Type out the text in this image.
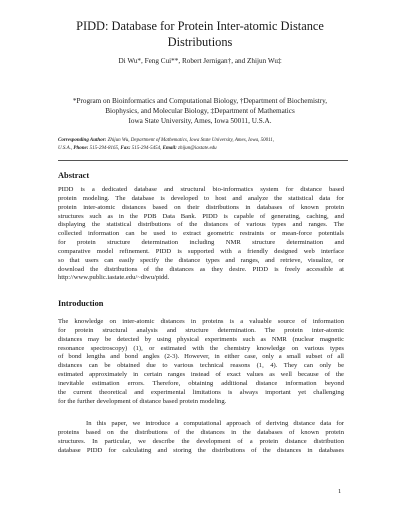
PIDD: Database for Protein Inter-atomic Distance
Distributions
Di Wu*, Feng Cui**, Robert Jernigan†, and Zhijun Wu‡
*Program on Bioinformatics and Computational Biology, †Department of Biochemistry,
Biophysics, and Molecular Biology, ‡Department of Mathematics
Iowa State University, Ames, Iowa 50011, U.S.A.
Corresponding Author: Zhijun Wu, Department of Mathematics, Iowa State University, Ames, Iowa, 50011,
U.S.A., Phone: 515-294-8165, Fax: 515-294-5454, Email: zhijun@iastate.edu
Abstract
PIDD is a dedicated database and structural bio-informatics system for distance based
protein modeling. The database is developed to host and analyze the statistical data for
protein inter-atomic distances based on their distributions in databases of known protein
structures such as in the PDB Data Bank. PIDD is capable of generating, caching, and
displaying the statistical distributions of the distances of various types and ranges. The
collected information can be used to extract geometric restraints or mean-force potentials
for protein structure determination including NMR structure determination and
comparative model refinement. PIDD is supported with a friendly designed web interface
so that users can easily specify the distance types and ranges, and retrieve, visualize, or
download the distributions of the distances as they desire. PIDD is freely accessible at
http://www.public.iastate.edu/~diwu/pidd.
Introduction
The knowledge on inter-atomic distances in proteins is a valuable source of information
for protein structural analysis and structure determination. The protein inter-atomic
distances may be detected by using physical experiments such as NMR (nuclear magnetic
resonance spectroscopy) (1), or estimated with the chemistry knowledge on various types
of bond lengths and bond angles (2-3). However, in either case, only a small subset of all
distances can be obtained due to various technical reasons (1, 4). They can only be
estimated approximately in certain ranges instead of exact values as well because of the
inevitable estimation errors. Therefore, obtaining additional distance information beyond
the current theoretical and experimental limitations is always important yet challenging
for the further development of distance based protein modeling.
In this paper, we introduce a computational approach of deriving distance data for
proteins based on the distributions of the distances in the databases of known protein
structures. In particular, we describe the development of a protein distance distribution
database PIDD for calculating and storing the distributions of the distances in databases
1
